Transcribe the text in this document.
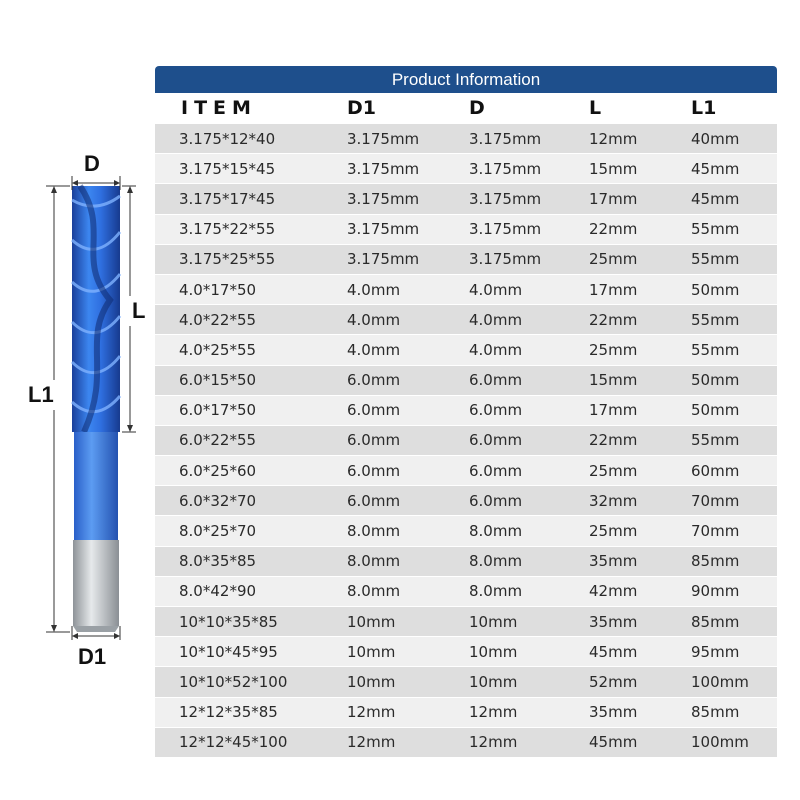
D
L
L1
D1
Product Information
ITEM	D1	D	L	L1
3.175*12*40	3.175mm	3.175mm	12mm	40mm
3.175*15*45	3.175mm	3.175mm	15mm	45mm
3.175*17*45	3.175mm	3.175mm	17mm	45mm
3.175*22*55	3.175mm	3.175mm	22mm	55mm
3.175*25*55	3.175mm	3.175mm	25mm	55mm
4.0*17*50	4.0mm	4.0mm	17mm	50mm
4.0*22*55	4.0mm	4.0mm	22mm	55mm
4.0*25*55	4.0mm	4.0mm	25mm	55mm
6.0*15*50	6.0mm	6.0mm	15mm	50mm
6.0*17*50	6.0mm	6.0mm	17mm	50mm
6.0*22*55	6.0mm	6.0mm	22mm	55mm
6.0*25*60	6.0mm	6.0mm	25mm	60mm
6.0*32*70	6.0mm	6.0mm	32mm	70mm
8.0*25*70	8.0mm	8.0mm	25mm	70mm
8.0*35*85	8.0mm	8.0mm	35mm	85mm
8.0*42*90	8.0mm	8.0mm	42mm	90mm
10*10*35*85	10mm	10mm	35mm	85mm
10*10*45*95	10mm	10mm	45mm	95mm
10*10*52*100	10mm	10mm	52mm	100mm
12*12*35*85	12mm	12mm	35mm	85mm
12*12*45*100	12mm	12mm	45mm	100mm
